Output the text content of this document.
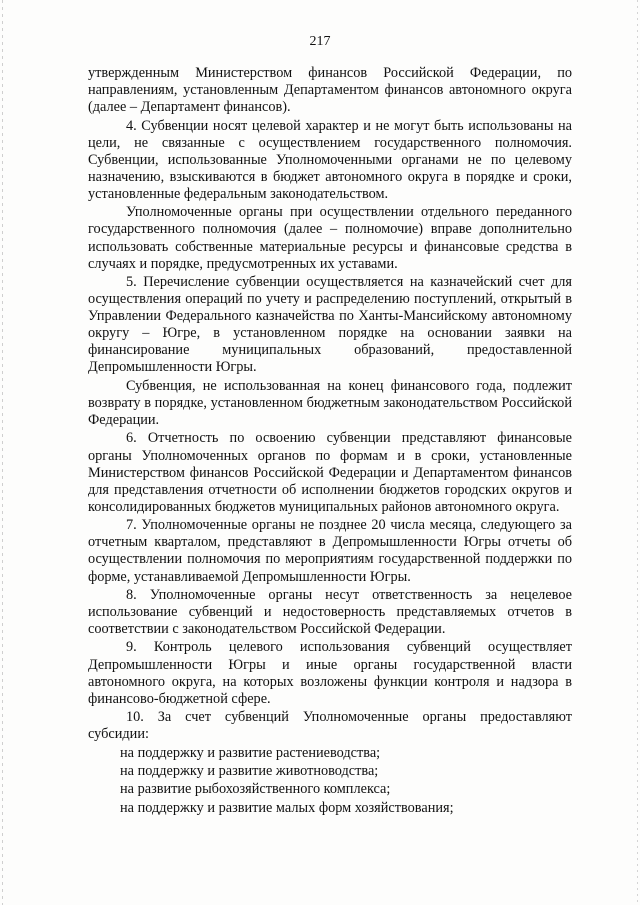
217

утвержденным Министерством финансов Российской Федерации, по направлениям, установленным Департаментом финансов автономного округа (далее – Департамент финансов).

4. Субвенции носят целевой характер и не могут быть использованы на цели, не связанные с осуществлением государственного полномочия. Субвенции, использованные Уполномоченными органами не по целевому назначению, взыскиваются в бюджет автономного округа в порядке и сроки, установленные федеральным законодательством.

Уполномоченные органы при осуществлении отдельного переданного государственного полномочия (далее – полномочие) вправе дополнительно использовать собственные материальные ресурсы и финансовые средства в случаях и порядке, предусмотренных их уставами.

5. Перечисление субвенции осуществляется на казначейский счет для осуществления операций по учету и распределению поступлений, открытый в Управлении Федерального казначейства по Ханты-Мансийскому автономному округу – Югре, в установленном порядке на основании заявки на финансирование муниципальных образований, предоставленной Депромышленности Югры.

Субвенция, не использованная на конец финансового года, подлежит возврату в порядке, установленном бюджетным законодательством Российской Федерации.

6. Отчетность по освоению субвенции представляют финансовые органы Уполномоченных органов по формам и в сроки, установленные Министерством финансов Российской Федерации и Департаментом финансов для представления отчетности об исполнении бюджетов городских округов и консолидированных бюджетов муниципальных районов автономного округа.

7. Уполномоченные органы не позднее 20 числа месяца, следующего за отчетным кварталом, представляют в Депромышленности Югры отчеты об осуществлении полномочия по мероприятиям государственной поддержки по форме, устанавливаемой Депромышленности Югры.

8. Уполномоченные органы несут ответственность за нецелевое использование субвенций и недостоверность представляемых отчетов в соответствии с законодательством Российской Федерации.

9. Контроль целевого использования субвенций осуществляет Депромышленности Югры и иные органы государственной власти автономного округа, на которых возложены функции контроля и надзора в финансово-бюджетной сфере.

10. За счет субвенций Уполномоченные органы предоставляют субсидии:

на поддержку и развитие растениеводства;
на поддержку и развитие животноводства;
на развитие рыбохозяйственного комплекса;
на поддержку и развитие малых форм хозяйствования;
